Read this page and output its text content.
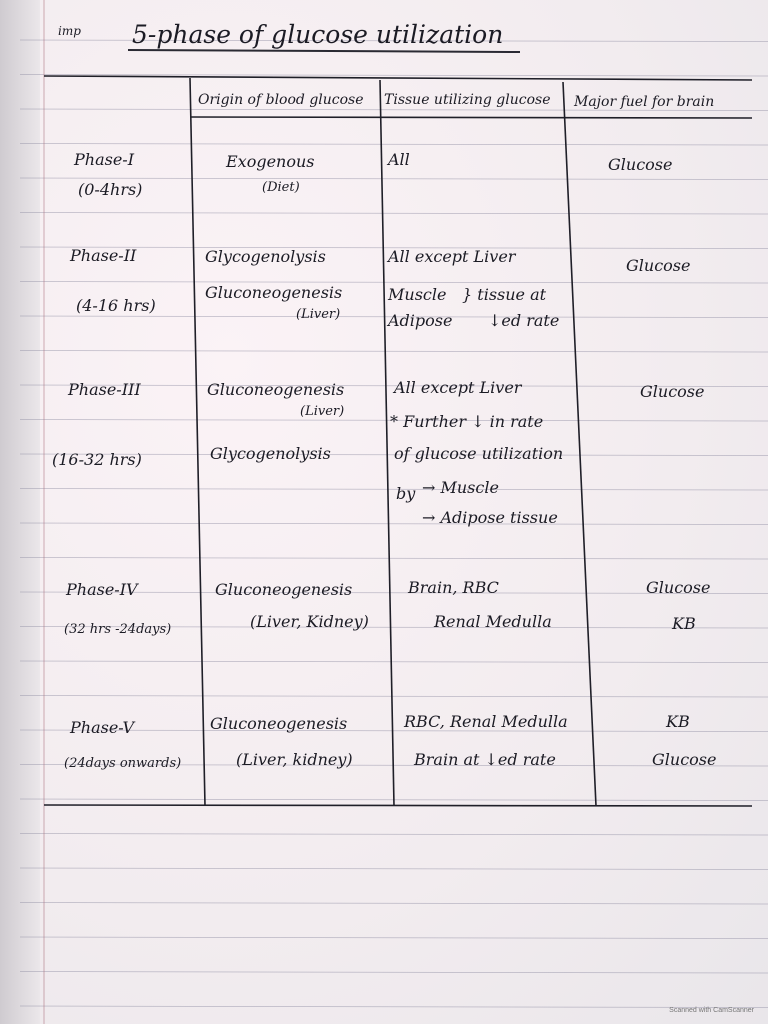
imp 5-phase of glucose utilization
Origin of blood glucose Tissue utilizing glucose Major fuel for brain
Phase-I
(0-4hrs)
Exogenous
(Diet)
All	Glucose
Phase-II
(4-16 hrs)
Glycogenolysis
Gluconeogenesis
(Liver)
All except Liver
Muscle
Adipose
} tissue at
↓ed rate
Glucose
Phase-III
(16-32 hrs)
Gluconeogenesis
(Liver)
Glycogenolysis
All except Liver
* Further ↓ in rate
of glucose utilization
by → Muscle
→ Adipose tissue
Glucose
Phase-IV
(32 hrs -24days)
Gluconeogenesis
(Liver, Kidney)
Brain, RBC
Renal Medulla
Glucose
KB
Phase-V
(24days onwards)
Gluconeogenesis
(Liver, kidney)
RBC, Renal Medulla
Brain at ↓ed rate
KB
Glucose
Scanned with CamScanner
